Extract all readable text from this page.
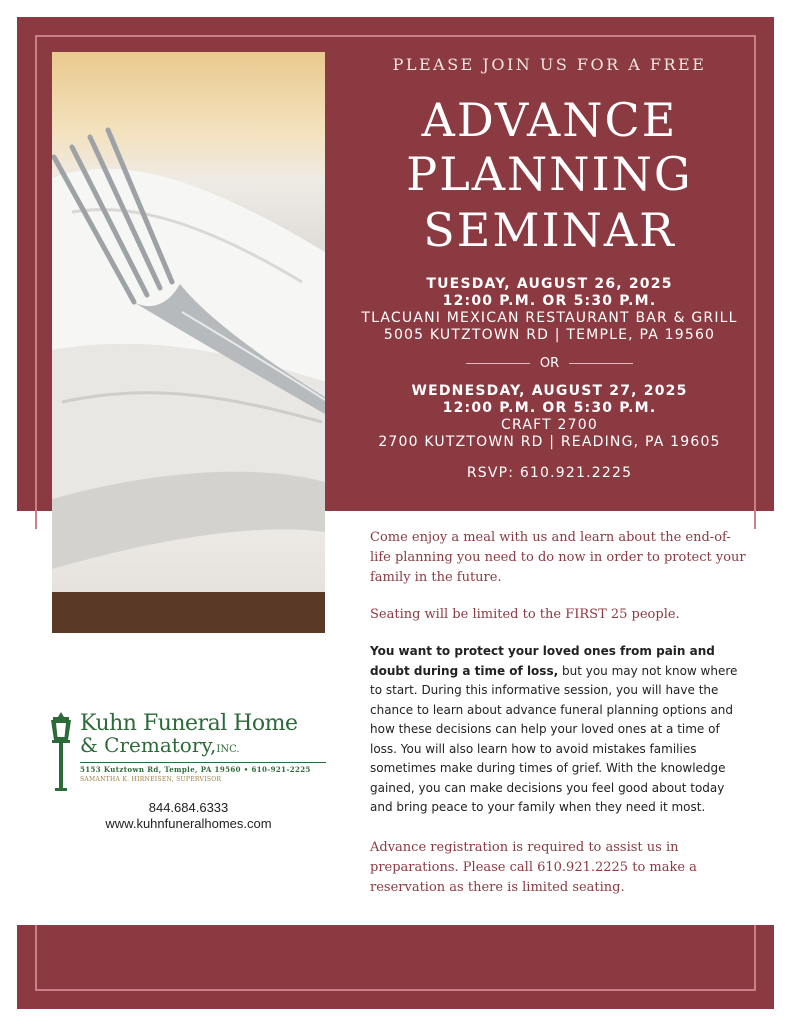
PLEASE JOIN US FOR A FREE
ADVANCE
PLANNING
SEMINAR
TUESDAY, AUGUST 26, 2025
12:00 P.M. OR 5:30 P.M.
TLACUANI MEXICAN RESTAURANT BAR & GRILL
5005 KUTZTOWN RD | TEMPLE, PA 19560
OR
WEDNESDAY, AUGUST 27, 2025
12:00 P.M. OR 5:30 P.M.
CRAFT 2700
2700 KUTZTOWN RD | READING, PA 19605
RSVP: 610.921.2225
Come enjoy a meal with us and learn about the end-of-life planning you need to do now in order to protect your family in the future.
Seating will be limited to the FIRST 25 people.
You want to protect your loved ones from pain and doubt during a time of loss, but you may not know where to start. During this informative session, you will have the chance to learn about advance funeral planning options and how these decisions can help your loved ones at a time of loss. You will also learn how to avoid mistakes families sometimes make during times of grief. With the knowledge gained, you can make decisions you feel good about today and bring peace to your family when they need it most.
Advance registration is required to assist us in preparations. Please call 610.921.2225 to make a reservation as there is limited seating.
Kuhn Funeral Home
& Crematory,INC.
5153 Kutztown Rd, Temple, PA 19560 • 610-921-2225
SAMANTHA K. HIRNEISEN, SUPERVISOR
844.684.6333
www.kuhnfuneralhomes.com
